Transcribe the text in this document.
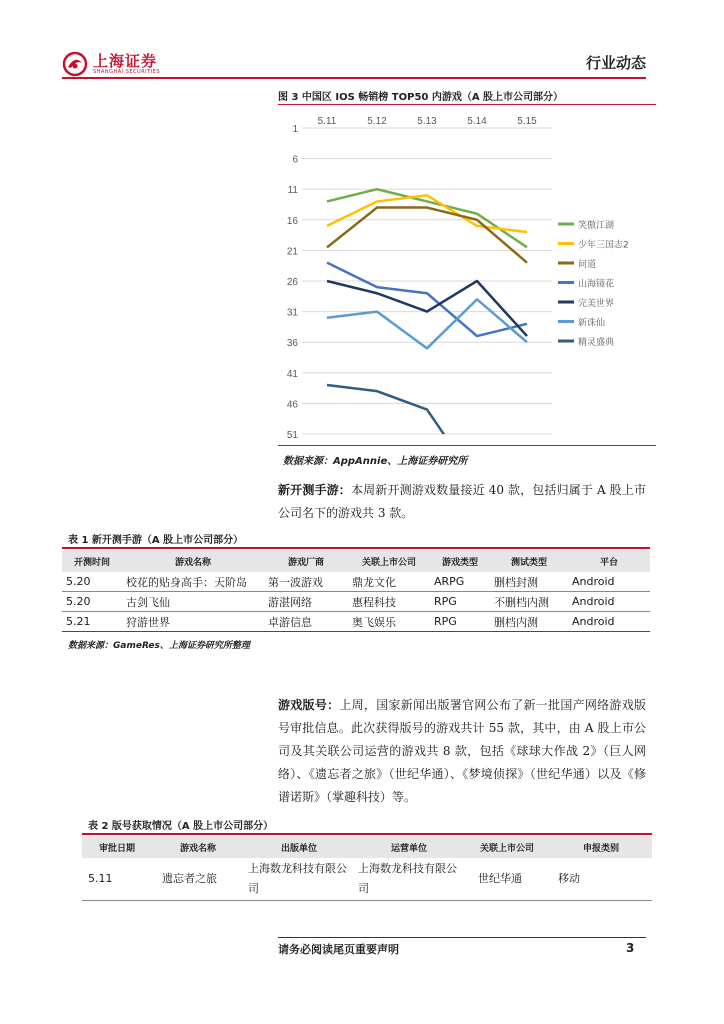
上海证券
SHANGHAI SECURITIES	行业动态
图 3 中国区 IOS 畅销榜 TOP50 内游戏（A 股上市公司部分）
5.11	5.12	5.13	5.14	5.15
1
6
11
16
21
26
31
36
41
46
51
笑傲江湖
少年三国志2
问道
山海镜花
完美世界
新诛仙
精灵盛典
数据来源：AppAnnie、上海证券研究所
新开测手游：本周新开测游戏数量接近 40 款，包括归属于 A 股上市公司名下的游戏共 3 款。
表 1 新开测手游（A 股上市公司部分）
开测时间	游戏名称	游戏厂商	关联上市公司	游戏类型	测试类型	平台
5.20	校花的贴身高手：天阶岛	第一波游戏	鼎龙文化	ARPG	删档封测	Android
5.20	古剑飞仙	游湛网络	惠程科技	RPG	不删档内测	Android
5.21	狩游世界	卓游信息	奥飞娱乐	RPG	删档内测	Android
数据来源：GameRes、上海证券研究所整理
游戏版号：上周，国家新闻出版署官网公布了新一批国产网络游戏版号审批信息。此次获得版号的游戏共计 55 款，其中，由 A 股上市公司及其关联公司运营的游戏共 8 款，包括《球球大作战 2》（巨人网络）、《遗忘者之旅》（世纪华通）、《梦境侦探》（世纪华通）以及《修谱诺斯》（掌趣科技）等。
表 2 版号获取情况（A 股上市公司部分）
审批日期	游戏名称	出版单位	运营单位	关联上市公司	申报类别
5.11	遗忘者之旅	上海数龙科技有限公司	上海数龙科技有限公司	世纪华通	移动
请务必阅读尾页重要声明	3
